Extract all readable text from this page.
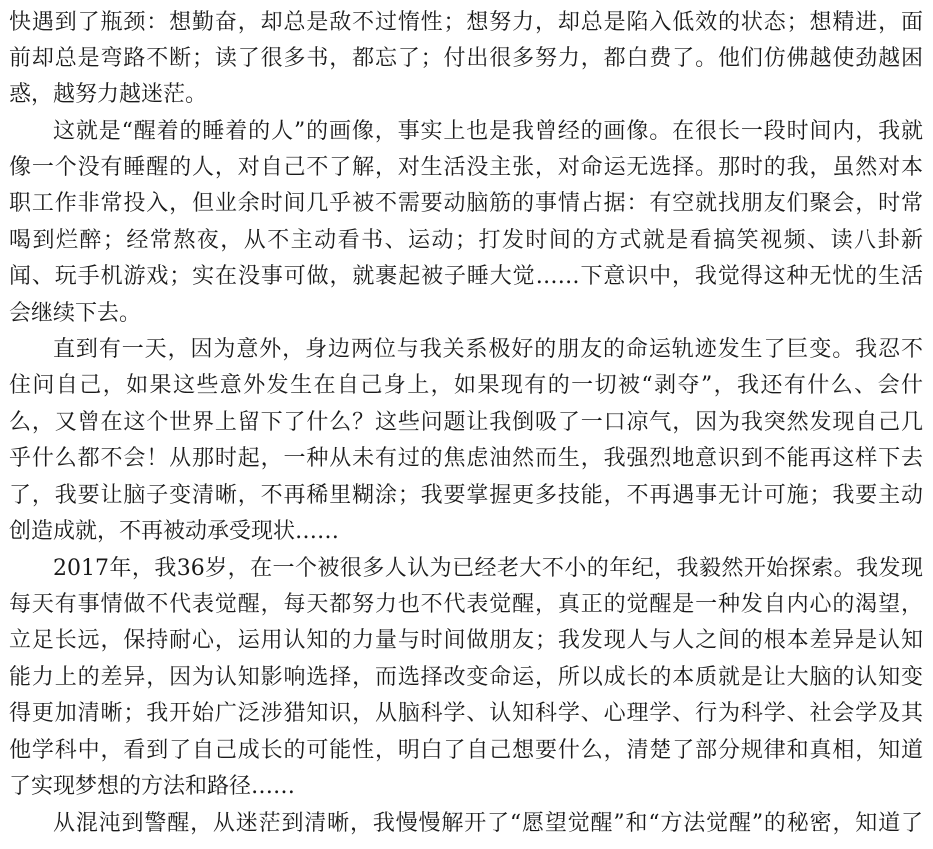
快遇到了瓶颈：想勤奋，却总是敌不过惰性；想努力，却总是陷入低效的状态；想精进，面
前却总是弯路不断；读了很多书，都忘了；付出很多努力，都白费了。他们仿佛越使劲越困
惑，越努力越迷茫。
这就是“醒着的睡着的人”的画像，事实上也是我曾经的画像。在很长一段时间内，我就
像一个没有睡醒的人，对自己不了解，对生活没主张，对命运无选择。那时的我，虽然对本
职工作非常投入，但业余时间几乎被不需要动脑筋的事情占据：有空就找朋友们聚会，时常
喝到烂醉；经常熬夜，从不主动看书、运动；打发时间的方式就是看搞笑视频、读八卦新
闻、玩手机游戏；实在没事可做，就裹起被子睡大觉……下意识中，我觉得这种无忧的生活
会继续下去。
直到有一天，因为意外，身边两位与我关系极好的朋友的命运轨迹发生了巨变。我忍不
住问自己，如果这些意外发生在自己身上，如果现有的一切被“剥夺”，我还有什么、会什
么，又曾在这个世界上留下了什么？这些问题让我倒吸了一口凉气，因为我突然发现自己几
乎什么都不会！从那时起，一种从未有过的焦虑油然而生，我强烈地意识到不能再这样下去
了，我要让脑子变清晰，不再稀里糊涂；我要掌握更多技能，不再遇事无计可施；我要主动
创造成就，不再被动承受现状……
2017年，我36岁，在一个被很多人认为已经老大不小的年纪，我毅然开始探索。我发现
每天有事情做不代表觉醒，每天都努力也不代表觉醒，真正的觉醒是一种发自内心的渴望，
立足长远，保持耐心，运用认知的力量与时间做朋友；我发现人与人之间的根本差异是认知
能力上的差异，因为认知影响选择，而选择改变命运，所以成长的本质就是让大脑的认知变
得更加清晰；我开始广泛涉猎知识，从脑科学、认知科学、心理学、行为科学、社会学及其
他学科中，看到了自己成长的可能性，明白了自己想要什么，清楚了部分规律和真相，知道
了实现梦想的方法和路径……
从混沌到警醒，从迷茫到清晰，我慢慢解开了“愿望觉醒”和“方法觉醒”的秘密，知道了
